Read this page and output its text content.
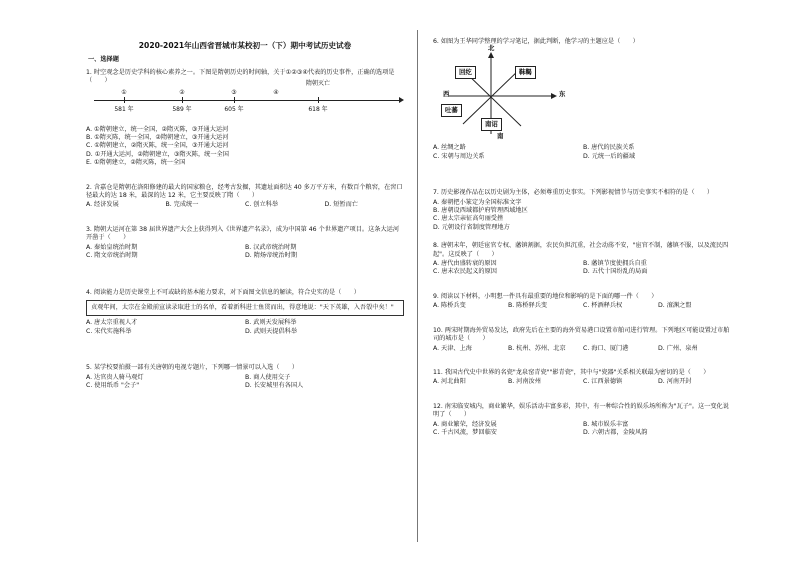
2020-2021年山西省晋城市某校初一（下）期中考试历史试卷
一、选择题
1. 时空观念是历史学科的核心素养之一。下图是隋朝历史的时间轴，关于①②③④代表的历史事件，正确的选项是（　　）	隋朝灭亡
①	②	③	④
581 年	589 年	605 年	618 年
A. ①隋朝建立，统一全国，②隋灭陈，③开通大运河
B. ①隋灭陈，统一全国，②隋朝建立，③开通大运河
C. ①隋朝建立，②隋灭陈，统一全国，③开通大运河
D. ①开通大运河，②隋朝建立，③隋灭陈，统一全国
E. ①隋朝建立，②隋灭陈，统一全国
2. 含嘉仓是隋朝在洛阳修建的最大的国家粮仓，经考古发掘，其遗址面积达 40 多万平方米，有数百个粮窖，在窖口径最大的达 18 米，最深的达 12 米，它主要反映了隋（　　）
A. 经济发展	B. 完成统一	C. 创立科举	D. 短暂而亡
3. 隋朝大运河在第 38 届世界遗产大会上获得列入《世界遗产名录》，成为中国第 46 个世界遗产项目。这条大运河开凿于（　　）
A. 秦始皇统治时期	B. 汉武帝统治时期
C. 隋文帝统治时期	D. 隋炀帝统治时期
4. 阅读能力是历史课堂上不可或缺的基本能力要求，对下面图文信息的解读，符合史实的是（　　）
贞观年间，太宗在金殿前宣读录取进士的名单，看着新科进士鱼贯而出，得意地说："天下英雄，入吾彀中矣！"
A. 唐太宗重视人才	B. 武则天发展科举
C. 宋代实施科举	D. 武则天提倡科举
5. 某学校要拍摄一部有关唐朝的电视专题片，下列哪一情景可以入选（　　）
A. 达官贵人骑马观灯	B. 商人使用交子
C. 使用纸币 "会子"	D. 长安城里有各国人
6. 如图为王华同学整理的学习笔记，据此判断，他学习的主题应是（　　）
北
西	东
南
回纥	靺鞨
吐蕃
南诏
A. 丝绸之路	B. 唐代的民族关系
C. 宋朝与周边关系	D. 元统一后的疆域
7. 历史影视作品在以历史剧为主体，必须尊重历史事实。下列影视情节与历史事实不相符的是（　　）
A. 秦朝把小篆定为全国标准文字
B. 唐朝设西域都护府管理西域地区
C. 唐太宗亲征高句丽受挫
D. 元朝设行省制度管理地方
8. 唐朝末年，朝廷宦官专权、藩镇割据，农民负担沉重，社会动荡不安，"宦官不制，藩镇不服，以及流民四起"。这反映了（　　）
A. 唐代由盛转衰的原因	B. 藩镇节度使拥兵自重
C. 唐末农民起义的原因	D. 五代十国纷乱的局面
9. 阅读以下材料，小明想一件具有最重要的地位和影响的是下面的哪一件（　　）
A. 陈桥兵变	B. 陈桥驿兵变	C. 杯酒释兵权	D. 澶渊之盟
10. 两宋时期海外贸易发达，政府先后在主要的海外贸易港口设置市舶司进行管理。下列地区可能设置过市舶司的城市是（　　）
A. 天津、上海	B. 杭州、苏州、北京	C. 海口、厦门港	D. 广州、泉州
11. 我国古代史中世界的名瓷"龙泉窑青瓷""影青瓷"，其中与"瓷器"关系相关联最为密切的是（　　）
A. 河北曲阳	B. 河南汝州	C. 江西景德镇	D. 河南开封
12. 南宋临安城内，商业繁华，娱乐活动丰富多彩，其中，有一种综合性的娱乐场所称为"瓦子"。这一变化说明了（　　）
A. 商业繁荣，经济发展	B. 城市娱乐丰富
C. 千古风流，梦回临安	D. 六朝古都，金陵风韵
